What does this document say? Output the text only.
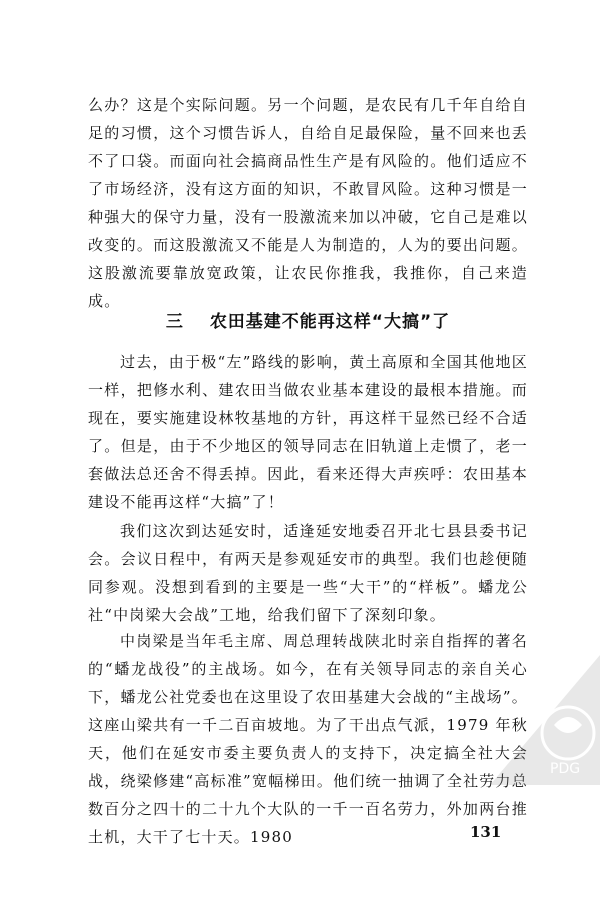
么办？这是个实际问题。另一个问题，是农民有几千年自给自足的习惯，这个习惯告诉人，自给自足最保险，量不回来也丢不了口袋。而面向社会搞商品性生产是有风险的。他们适应不了市场经济，没有这方面的知识，不敢冒风险。这种习惯是一种强大的保守力量，没有一股激流来加以冲破，它自己是难以改变的。而这股激流又不能是人为制造的，人为的要出问题。这股激流要靠放宽政策，让农民你推我，我推你，自己来造成。

三 农田基建不能再这样“大搞”了

过去，由于极“左”路线的影响，黄土高原和全国其他地区一样，把修水利、建农田当做农业基本建设的最根本措施。而现在，要实施建设林牧基地的方针，再这样干显然已经不合适了。但是，由于不少地区的领导同志在旧轨道上走惯了，老一套做法总还舍不得丢掉。因此，看来还得大声疾呼：农田基本建设不能再这样“大搞”了！

我们这次到达延安时，适逢延安地委召开北七县县委书记会。会议日程中，有两天是参观延安市的典型。我们也趁便随同参观。没想到看到的主要是一些“大干”的“样板”。蟠龙公社“中岗梁大会战”工地，给我们留下了深刻印象。

中岗梁是当年毛主席、周总理转战陕北时亲自指挥的著名的“蟠龙战役”的主战场。如今，在有关领导同志的亲自关心下，蟠龙公社党委也在这里设了农田基建大会战的“主战场”。这座山梁共有一千二百亩坡地。为了干出点气派，1979 年秋天，他们在延安市委主要负责人的支持下，决定搞全社大会战，绕梁修建“高标准”宽幅梯田。他们统一抽调了全社劳力总数百分之四十的二十九个大队的一千一百名劳力，外加两台推土机，大干了七十天。1980	131
PDG
